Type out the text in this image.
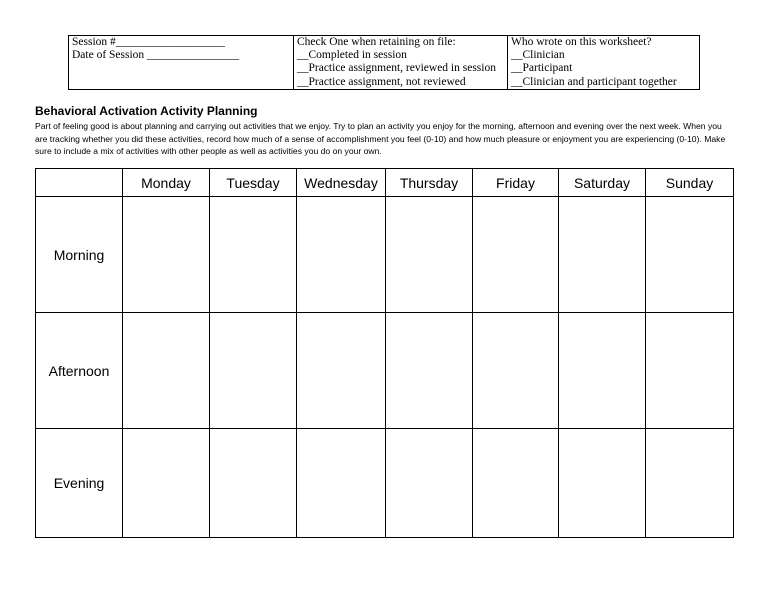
Session #___________________
Date of Session ________________

Check One when retaining on file:
__Completed in session
__Practice assignment, reviewed in session
__Practice assignment, not reviewed

Who wrote on this worksheet?
__Clinician
__Participant
__Clinician and participant together
Behavioral Activation Activity Planning
Part of feeling good is about planning and carrying out activities that we enjoy. Try to plan an activity you enjoy for the morning, afternoon and evening over the next week. When you are tracking whether you did these activities, record how much of a sense of accomplishment you feel (0-10) and how much pleasure or enjoyment you are experiencing (0-10). Make sure to include a mix of activities with other people as well as activities you do on your own.
	Monday	Tuesday	Wednesday	Thursday	Friday	Saturday	Sunday
Morning							
Afternoon							
Evening							
